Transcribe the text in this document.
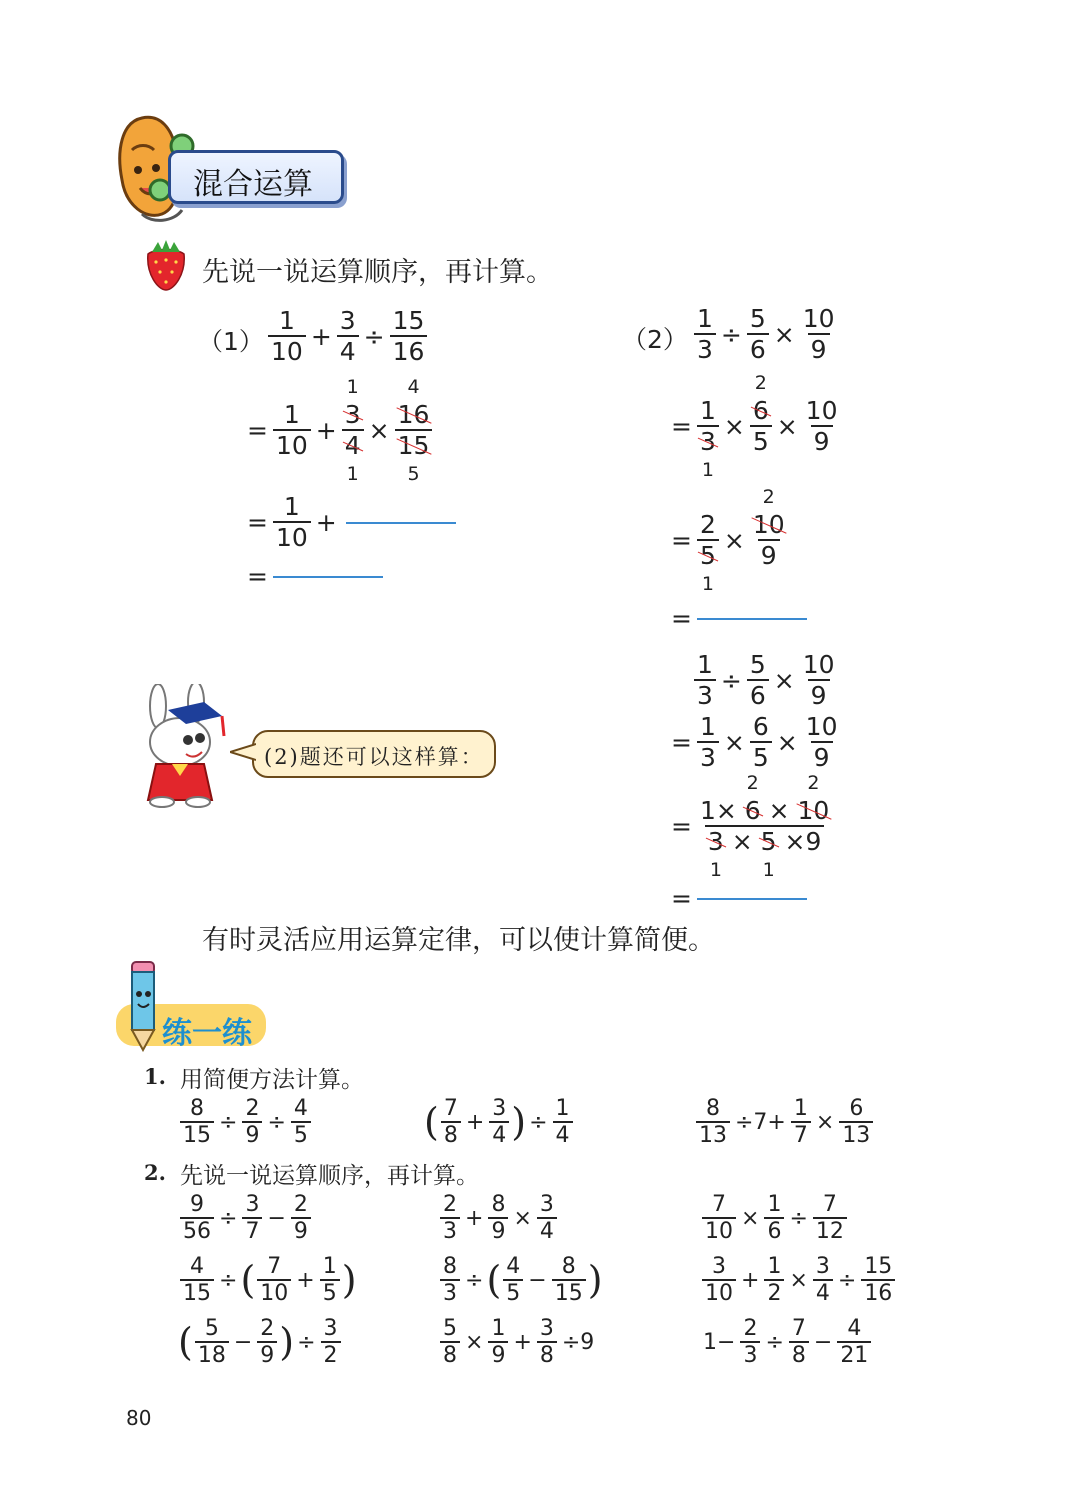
混合运算
先说一说运算顺序，再计算。
$(1) \frac{1}{10} + \frac{3}{4} \div \frac{15}{16}$
= $\frac{1}{10}$ +
1
3
4
1
×
4
16
15
5
= $\frac{1}{10}$ +
=
$(2) \frac{1}{3} \div \frac{5}{6} \times \frac{10}{9}$
=
1
3
1
×
2
6
5
× $\frac{10}{9}$
=
2
5
1
×
2
10
9
=
(2)题还可以这样算：
$\frac{1}{3} \div \frac{5}{6} \times \frac{10}{9}$
= $\frac{1}{3} \times \frac{6}{5} \times \frac{10}{9}$
= 1×
2
6 ×
2
10
3
1
× 5
1
×9
=
有时灵活应用运算定律，可以使计算简便。
练一练
1. 用简便方法计算。
$\frac{8}{15} \div \frac{2}{9} \div \frac{4}{5}$	( $\frac{7}{8} + \frac{3}{4}$ ) ÷ $\frac{1}{4}$	$\frac{8}{13} \div 7+ \frac{1}{7} \times \frac{6}{13}$
2. 先说一说运算顺序，再计算。
$\frac{9}{56} \div \frac{3}{7} - \frac{2}{9}$	$\frac{2}{3} + \frac{8}{9} \times \frac{3}{4}$	$\frac{7}{10} \times \frac{1}{6} \div \frac{7}{12}$
$\frac{4}{15}$ ÷( $\frac{7}{10} + \frac{1}{5}$ )	$\frac{8}{3}$ ÷( $\frac{4}{5} - \frac{8}{15}$ )	$\frac{3}{10} + \frac{1}{2} \times \frac{3}{4} \div \frac{15}{16}$
( $\frac{5}{18} - \frac{2}{9}$ ) ÷ $\frac{3}{2}$	$\frac{5}{8} \times \frac{1}{9} + \frac{3}{8} \div 9$	$1- \frac{2}{3} \div \frac{7}{8} - \frac{4}{21}$
80
